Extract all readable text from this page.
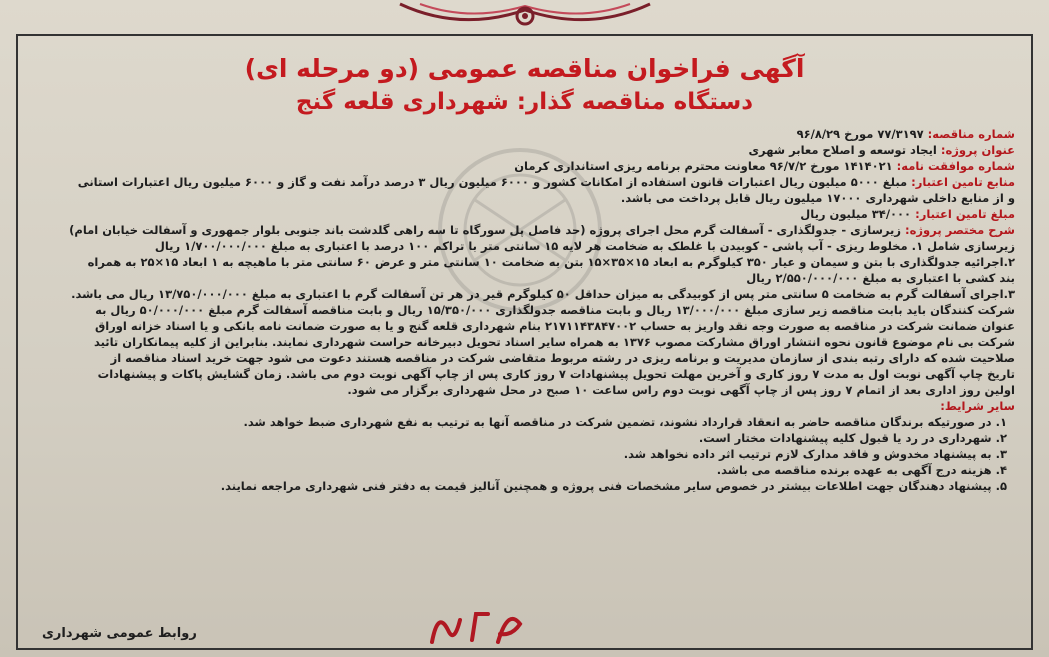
آگهی فراخوان مناقصه عمومی (دو مرحله ای)
دستگاه مناقصه گذار: شهرداری قلعه گنج
شماره مناقصه: ۷۷/۳۱۹۷ مورخ ۹۶/۸/۲۹
عنوان پروژه: ایجاد توسعه و اصلاح معابر شهری
شماره موافقت نامه: ۱۴۱۴۰۲۱ مورخ ۹۶/۷/۲ معاونت محترم برنامه ریزی استانداری کرمان
منابع تامین اعتبار: مبلغ ۵۰۰۰ میلیون ریال اعتبارات قانون استفاده از امکانات کشور و ۶۰۰۰ میلیون ریال ۳ درصد درآمد نفت و گاز و ۶۰۰۰ میلیون ریال اعتبارات استانی
و از منابع داخلی شهرداری ۱۷۰۰۰ میلیون ریال قابل پرداخت می باشد.
مبلغ تامین اعتبار: ۳۴/۰۰۰ میلیون ریال
شرح مختصر پروژه: زیرسازی - جدولگذاری - آسفالت گرم محل اجرای پروژه (حد فاصل پل سورگاه تا سه راهی گلدشت باند جنوبی بلوار جمهوری و آسفالت خیابان امام)
زیرسازی شامل ۱. مخلوط ریزی - آب پاشی - کوبیدن با غلطک به ضخامت هر لایه ۱۵ سانتی متر با تراکم ۱۰۰ درصد با اعتباری به مبلغ ۱/۷۰۰/۰۰۰/۰۰۰ ریال
۲.اجرائیه جدولگذاری با بتن و سیمان و عیار ۳۵۰ کیلوگرم به ابعاد ۱۵×۳۵×۱۵ بتن به ضخامت ۱۰ سانتی متر و عرض ۶۰ سانتی متر با ماهیچه به ۱ ابعاد ۱۵×۲۵ به همراه
بند کشی با اعتباری به مبلغ ۲/۵۵۰/۰۰۰/۰۰۰ ریال
۳.اجرای آسفالت گرم به ضخامت ۵ سانتی متر پس از کوبیدگی به میزان حداقل ۵۰ کیلوگرم قیر در هر تن آسفالت گرم با اعتباری به مبلغ ۱۳/۷۵۰/۰۰۰/۰۰۰ ریال می باشد.
شرکت کنندگان باید بابت مناقصه زیر سازی مبلغ ۱۳/۰۰۰/۰۰۰ ریال و بابت مناقصه جدولگذاری ۱۵/۳۵۰/۰۰۰ ریال و بابت مناقصه آسفالت گرم مبلغ ۵۰/۰۰۰/۰۰۰ ریال به
عنوان ضمانت شرکت در مناقصه به صورت وجه نقد واریز به حساب ۲۱۷۱۱۴۳۸۴۷۰۰۲ بنام شهرداری قلعه گنج و یا به صورت ضمانت نامه بانکی و یا اسناد خزانه اوراق
شرکت بی نام موضوع قانون نحوه انتشار اوراق مشارکت مصوب ۱۳۷۶ به همراه سایر اسناد تحویل دبیرخانه حراست شهرداری نمایند. بنابراین از کلیه پیمانکاران تائید
صلاحیت شده که دارای رتبه بندی از سازمان مدیریت و برنامه ریزی در رشته مربوط متقاضی شرکت در مناقصه هستند دعوت می شود جهت خرید اسناد مناقصه از
تاریخ چاپ آگهی نوبت اول به مدت ۷ روز کاری و آخرین مهلت تحویل پیشنهادات ۷ روز کاری پس از چاپ آگهی نوبت دوم می باشد. زمان گشایش پاکات و پیشنهادات
اولین روز اداری بعد از اتمام ۷ روز پس از چاپ آگهی نوبت دوم راس ساعت ۱۰ صبح در محل شهرداری برگزار می شود.
سایر شرایط:
۱. در صورتیکه برندگان مناقصه حاضر به انعقاد قرارداد نشوند، تضمین شرکت در مناقصه آنها به ترتیب به نفع شهرداری ضبط خواهد شد.
۲. شهرداری در رد یا قبول کلیه پیشنهادات مختار است.
۳. به پیشنهاد مخدوش و فاقد مدارک لازم ترتیب اثر داده نخواهد شد.
۴. هزینه درج آگهی به عهده برنده مناقصه می باشد.
۵. پیشنهاد دهندگان جهت اطلاعات بیشتر در خصوص سایر مشخصات فنی پروژه و همچنین آنالیز قیمت به دفتر فنی شهرداری مراجعه نمایند.
روابط عمومی شهرداری
